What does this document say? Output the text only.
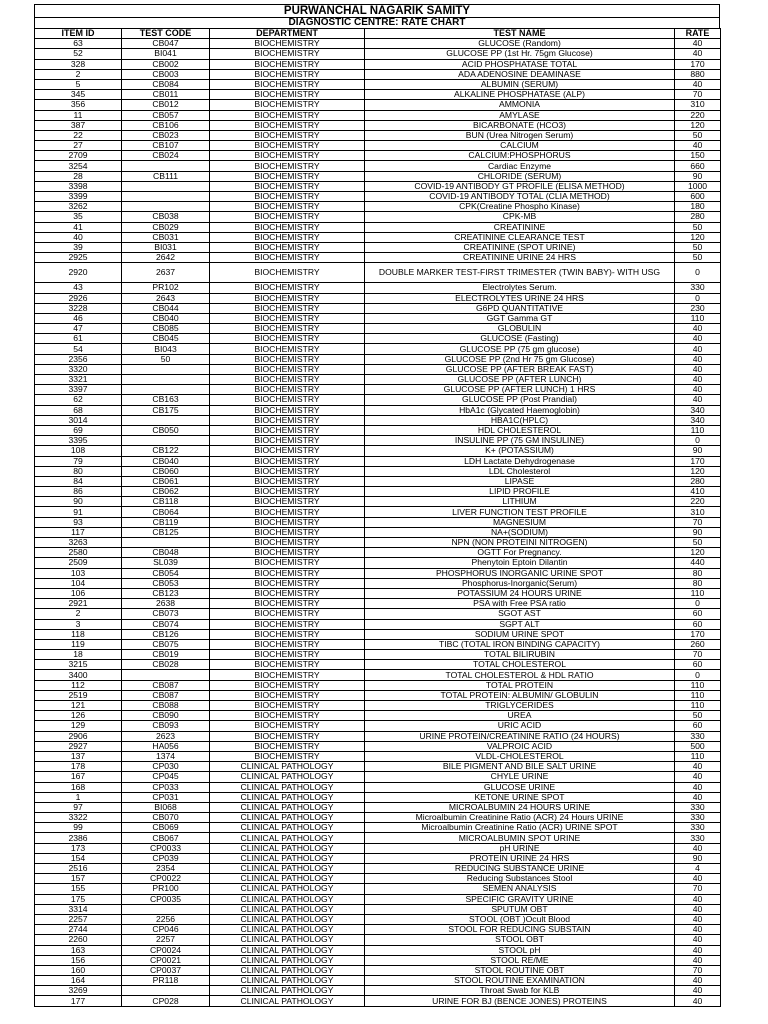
PURWANCHAL NAGARIK SAMITY
DIAGNOSTIC CENTRE: RATE CHART
ITEM ID	TEST CODE	DEPARTMENT	TEST NAME	RATE
63	CB047	BIOCHEMISTRY	GLUCOSE (Random)	40
52	BI041	BIOCHEMISTRY	GLUCOSE PP (1st Hr. 75gm Glucose)	40
328	CB002	BIOCHEMISTRY	ACID PHOSPHATASE TOTAL	170
2	CB003	BIOCHEMISTRY	ADA ADENOSINE DEAMINASE	880
5	CB084	BIOCHEMISTRY	ALBUMIN (SERUM)	40
345	CB011	BIOCHEMISTRY	ALKALINE PHOSPHATASE (ALP)	70
356	CB012	BIOCHEMISTRY	AMMONIA	310
11	CB057	BIOCHEMISTRY	AMYLASE	220
387	CB106	BIOCHEMISTRY	BICARBONATE (HCO3)	120
22	CB023	BIOCHEMISTRY	BUN (Urea Nitrogen Serum)	50
27	CB107	BIOCHEMISTRY	CALCIUM	40
2709	CB024	BIOCHEMISTRY	CALCIUM:PHOSPHORUS	150
3254		BIOCHEMISTRY	Cardiac Enzyme	660
28	CB111	BIOCHEMISTRY	CHLORIDE (SERUM)	90
3398		BIOCHEMISTRY	COVID-19 ANTIBODY GT PROFILE (ELISA METHOD)	1000
3399		BIOCHEMISTRY	COVID-19 ANTIBODY TOTAL (CLIA METHOD)	600
3262		BIOCHEMISTRY	CPK(Creatine Phospho Kinase)	180
35	CB038	BIOCHEMISTRY	CPK-MB	280
41	CB029	BIOCHEMISTRY	CREATININE	50
40	CB031	BIOCHEMISTRY	CREATININE CLEARANCE TEST	120
39	BI031	BIOCHEMISTRY	CREATININE (SPOT URINE)	50
2925	2642	BIOCHEMISTRY	CREATININE URINE 24 HRS	50
2920	2637	BIOCHEMISTRY	DOUBLE MARKER TEST-FIRST TRIMESTER (TWIN BABY)- WITH USG	0
43	PR102	BIOCHEMISTRY	Electrolytes Serum.	330
2926	2643	BIOCHEMISTRY	ELECTROLYTES URINE 24 HRS	0
3228	CB044	BIOCHEMISTRY	G6PD QUANTITATIVE	230
46	CB040	BIOCHEMISTRY	GGT Gamma GT	110
47	CB085	BIOCHEMISTRY	GLOBULIN	40
61	CB045	BIOCHEMISTRY	GLUCOSE (Fasting)	40
54	BI043	BIOCHEMISTRY	GLUCOSE PP (75 gm glucose)	40
2356	50	BIOCHEMISTRY	GLUCOSE PP (2nd Hr 75 gm Glucose)	40
3320		BIOCHEMISTRY	GLUCOSE PP (AFTER BREAK FAST)	40
3321		BIOCHEMISTRY	GLUCOSE PP (AFTER LUNCH)	40
3397		BIOCHEMISTRY	GLUCOSE PP (AFTER LUNCH) 1 HRS	40
62	CB163	BIOCHEMISTRY	GLUCOSE PP (Post Prandial)	40
68	CB175	BIOCHEMISTRY	HbA1c (Glycated Haemoglobin)	340
3014		BIOCHEMISTRY	HBA1C(HPLC)	340
69	CB050	BIOCHEMISTRY	HDL CHOLESTEROL	110
3395		BIOCHEMISTRY	INSULINE PP (75 GM INSULINE)	0
108	CB122	BIOCHEMISTRY	K+ (POTASSIUM)	90
79	CB040	BIOCHEMISTRY	LDH Lactate Dehydrogenase	170
80	CB060	BIOCHEMISTRY	LDL Cholesterol	120
84	CB061	BIOCHEMISTRY	LIPASE	280
86	CB062	BIOCHEMISTRY	LIPID PROFILE	410
90	CB118	BIOCHEMISTRY	LITHIUM	220
91	CB064	BIOCHEMISTRY	LIVER FUNCTION TEST PROFILE	310
93	CB119	BIOCHEMISTRY	MAGNESIUM	70
117	CB125	BIOCHEMISTRY	NA+(SODIUM)	90
3263		BIOCHEMISTRY	NPN (NON PROTEINI NITROGEN)	50
2580	CB048	BIOCHEMISTRY	OGTT For Pregnancy.	120
2509	SL039	BIOCHEMISTRY	Phenytoin Eptoin Dilantin	440
103	CB054	BIOCHEMISTRY	PHOSPHORUS INORGANIC URINE SPOT	80
104	CB053	BIOCHEMISTRY	Phosphorus-Inorganic(Serum)	80
106	CB123	BIOCHEMISTRY	POTASSIUM 24 HOURS URINE	110
2921	2638	BIOCHEMISTRY	PSA with Free PSA ratio	0
2	CB073	BIOCHEMISTRY	SGOT AST	60
3	CB074	BIOCHEMISTRY	SGPT ALT	60
118	CB126	BIOCHEMISTRY	SODIUM URINE SPOT	170
119	CB075	BIOCHEMISTRY	TIBC (TOTAL IRON BINDING CAPACITY)	260
18	CB019	BIOCHEMISTRY	TOTAL BILIRUBIN	70
3215	CB028	BIOCHEMISTRY	TOTAL CHOLESTEROL	60
3400		BIOCHEMISTRY	TOTAL CHOLESTEROL & HDL RATIO	0
112	CB087	BIOCHEMISTRY	TOTAL PROTEIN	110
2519	CB087	BIOCHEMISTRY	TOTAL PROTEIN: ALBUMIN/ GLOBULIN	110
121	CB088	BIOCHEMISTRY	TRIGLYCERIDES	110
126	CB090	BIOCHEMISTRY	UREA	50
129	CB093	BIOCHEMISTRY	URIC ACID	60
2906	2623	BIOCHEMISTRY	URINE PROTEIN/CREATININE RATIO (24 HOURS)	330
2927	HA056	BIOCHEMISTRY	VALPROIC ACID	500
137	1374	BIOCHEMISTRY	VLDL-CHOLESTEROL	110
178	CP030	CLINICAL PATHOLOGY	BILE PIGMENT AND BILE SALT URINE	40
167	CP045	CLINICAL PATHOLOGY	CHYLE URINE	40
168	CP033	CLINICAL PATHOLOGY	GLUCOSE URINE	40
1	CP031	CLINICAL PATHOLOGY	KETONE URINE SPOT	40
97	BI068	CLINICAL PATHOLOGY	MICROALBUMIN 24 HOURS URINE	330
3322	CB070	CLINICAL PATHOLOGY	Microalbumin Creatinine Ratio (ACR) 24 Hours URINE	330
99	CB069	CLINICAL PATHOLOGY	Microalbumin Creatinine Ratio (ACR) URINE SPOT	330
2386	CB067	CLINICAL PATHOLOGY	MICROALBUMIN SPOT URINE	330
173	CP0033	CLINICAL PATHOLOGY	pH URINE	40
154	CP039	CLINICAL PATHOLOGY	PROTEIN URINE 24 HRS	90
2516	2354	CLINICAL PATHOLOGY	REDUCING SUBSTANCE URINE	4
157	CP0022	CLINICAL PATHOLOGY	Reducing Substances Stool	40
155	PR100	CLINICAL PATHOLOGY	SEMEN ANALYSIS	70
175	CP0035	CLINICAL PATHOLOGY	SPECIFIC GRAVITY URINE	40
3314		CLINICAL PATHOLOGY	SPUTUM OBT	40
2257	2256	CLINICAL PATHOLOGY	STOOL (OBT )Ocult Blood	40
2744	CP046	CLINICAL PATHOLOGY	STOOL FOR REDUCING SUBSTAIN	40
2260	2257	CLINICAL PATHOLOGY	STOOL OBT	40
163	CP0024	CLINICAL PATHOLOGY	STOOL pH	40
156	CP0021	CLINICAL PATHOLOGY	STOOL RE/ME	40
160	CP0037	CLINICAL PATHOLOGY	STOOL ROUTINE OBT	70
164	PR118	CLINICAL PATHOLOGY	STOOL ROUTINE EXAMINATION	40
3269		CLINICAL PATHOLOGY	Throat Swab for KLB	40
177	CP028	CLINICAL PATHOLOGY	URINE FOR BJ (BENCE JONES) PROTEINS	40
